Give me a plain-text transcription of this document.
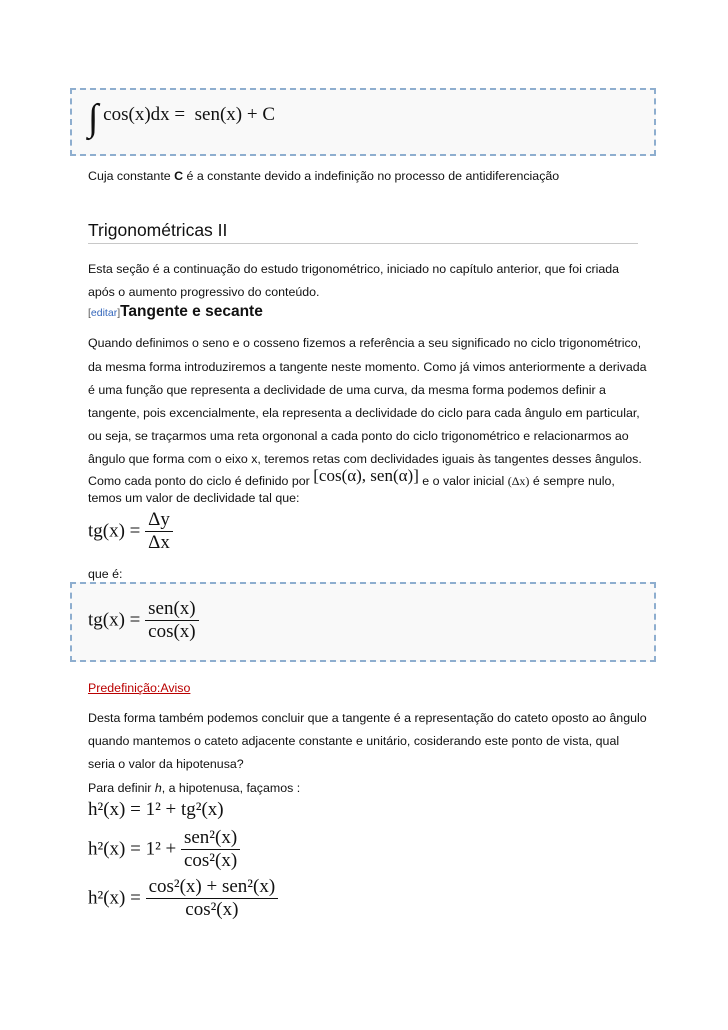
∫ cos(x)dx = sen(x) + C
Cuja constante C é a constante devido a indefinição no processo de antidiferenciação
Trigonométricas II
Esta seção é a continuação do estudo trigonométrico, iniciado no capítulo anterior, que foi criada
após o aumento progressivo do conteúdo.
[editar]Tangente e secante
Quando definimos o seno e o cosseno fizemos a referência a seu significado no ciclo trigonométrico,
da mesma forma introduziremos a tangente neste momento. Como já vimos anteriormente a derivada
é uma função que representa a declividade de uma curva, da mesma forma podemos definir a
tangente, pois excencialmente, ela representa a declividade do ciclo para cada ângulo em particular,
ou seja, se traçarmos uma reta orgononal a cada ponto do ciclo trigonométrico e relacionarmos ao
ângulo que forma com o eixo x, teremos retas com declividades iguais às tangentes desses ângulos.
Como cada ponto do ciclo é definido por [cos(α), sen(α)] e o valor inicial (Δx) é sempre nulo,
temos um valor de declividade tal que:
$tg(x) = \frac{\Delta y}{\Delta x}$
que é:
$tg(x) = \frac{\text{sen(x)}}{\cos(x)}$
Predefinição:Aviso
Desta forma também podemos concluir que a tangente é a representação do cateto oposto ao ângulo
quando mantemos o cateto adjacente constante e unitário, cosiderando este ponto de vista, qual
seria o valor da hipotenusa?
Para definir h, a hipotenusa, façamos :
h²(x) = 1² + tg²(x)
$h^2(x) = 1^2 + \frac{\text{sen²(x)}}{\text{cos²(x)}}$
$h^2(x) = \frac{\text{cos²(x) + sen²(x)}}{\text{cos²(x)}}$
